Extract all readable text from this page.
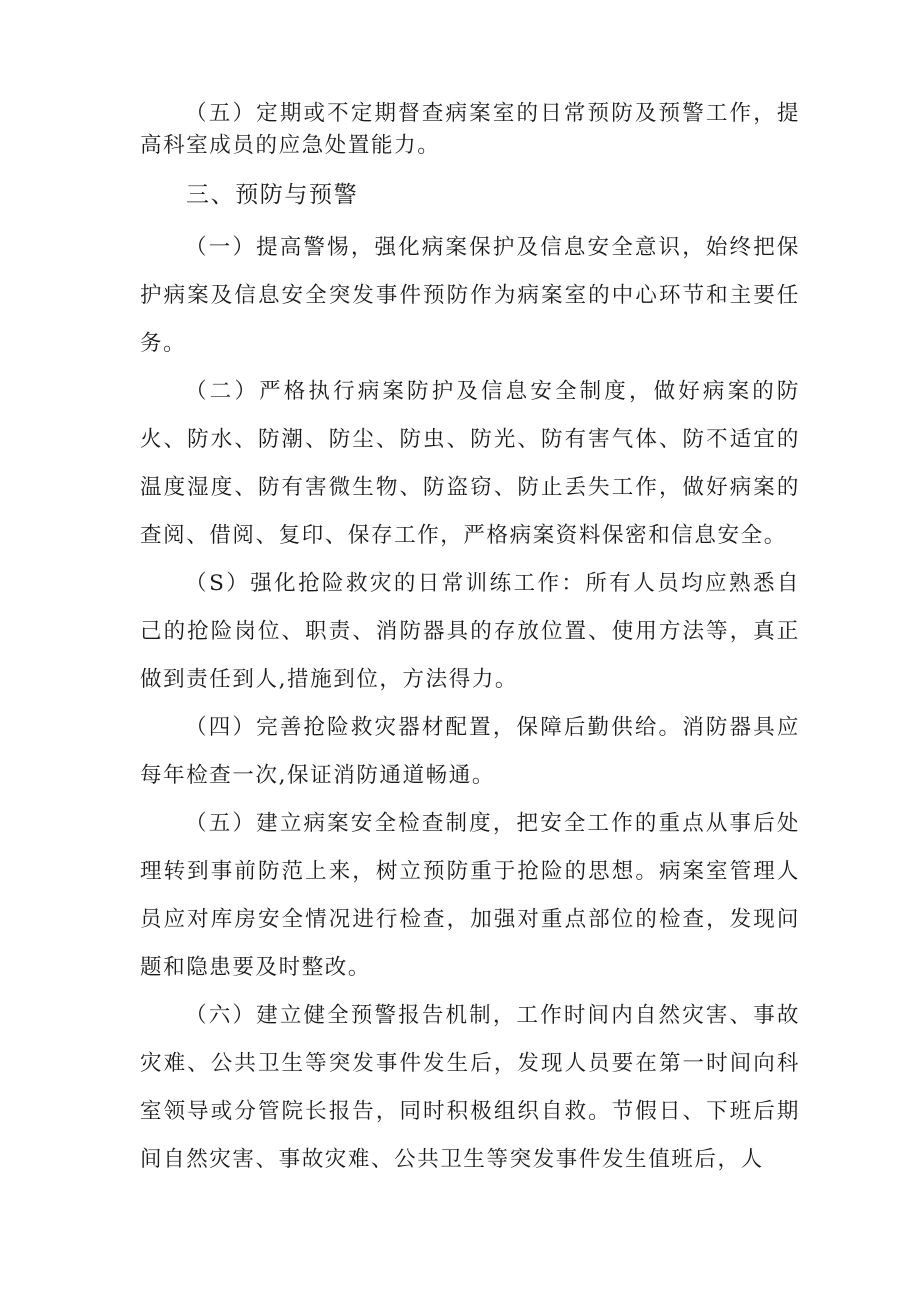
（五）定期或不定期督查病案室的日常预防及预警工作，提高科室成员的应急处置能力。

三、预防与预警

（一）提高警惕，强化病案保护及信息安全意识，始终把保护病案及信息安全突发事件预防作为病案室的中心环节和主要任务。

（二）严格执行病案防护及信息安全制度，做好病案的防火、防水、防潮、防尘、防虫、防光、防有害气体、防不适宜的温度湿度、防有害微生物、防盗窃、防止丢失工作，做好病案的查阅、借阅、复印、保存工作，严格病案资料保密和信息安全。

（S）强化抢险救灾的日常训练工作：所有人员均应熟悉自己的抢险岗位、职责、消防器具的存放位置、使用方法等，真正做到责任到人,措施到位，方法得力。

（四）完善抢险救灾器材配置，保障后勤供给。消防器具应每年检查一次,保证消防通道畅通。

（五）建立病案安全检查制度，把安全工作的重点从事后处理转到事前防范上来，树立预防重于抢险的思想。病案室管理人员应对库房安全情况进行检查，加强对重点部位的检查，发现问题和隐患要及时整改。

（六）建立健全预警报告机制，工作时间内自然灾害、事故灾难、公共卫生等突发事件发生后，发现人员要在第一时间向科室领导或分管院长报告，同时积极组织自救。节假日、下班后期间自然灾害、事故灾难、公共卫生等突发事件发生值班后，人
